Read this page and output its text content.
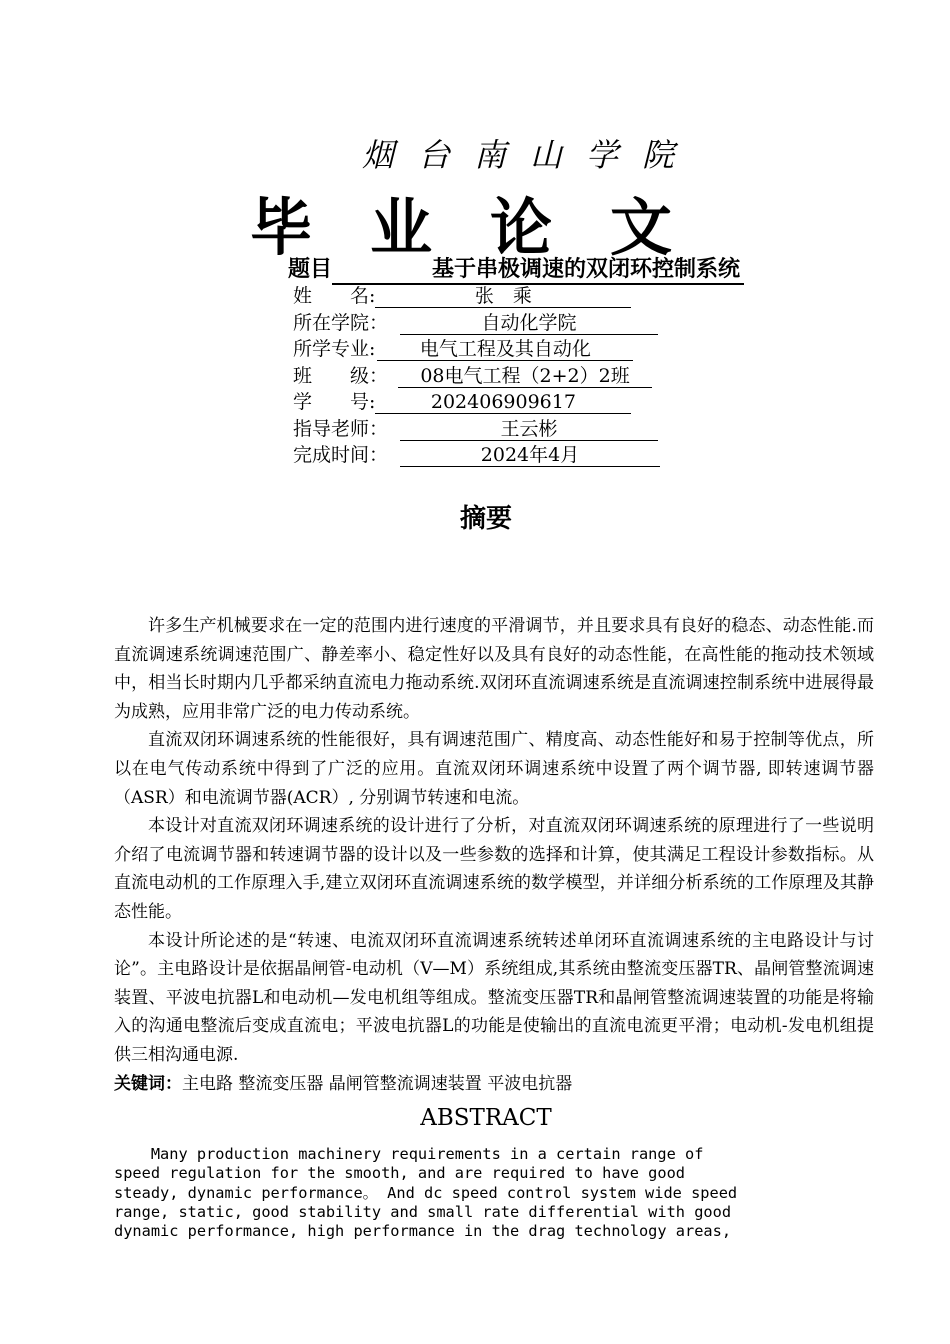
烟台南山学院
毕业论文
题目	基于串极调速的双闭环控制系统
姓　　名:	张　乘
所在学院：	自动化学院
所学专业: 电气工程及其自动化
班　　级： 08电气工程（2+2）2班
学　　号:	202406909617
指导老师：	王云彬
完成时间：	2024年4月
摘要

许多生产机械要求在一定的范围内进行速度的平滑调节，并且要求具有良好的稳态、动态性能.而直流调速系统调速范围广、静差率小、稳定性好以及具有良好的动态性能，在高性能的拖动技术领域中，相当长时期内几乎都采纳直流电力拖动系统.双闭环直流调速系统是直流调速控制系统中进展得最为成熟，应用非常广泛的电力传动系统。

直流双闭环调速系统的性能很好，具有调速范围广、精度高、动态性能好和易于控制等优点，所以在电气传动系统中得到了广泛的应用。直流双闭环调速系统中设置了两个调节器, 即转速调节器（ASR）和电流调节器(ACR）, 分别调节转速和电流。

本设计对直流双闭环调速系统的设计进行了分析，对直流双闭环调速系统的原理进行了一些说明介绍了电流调节器和转速调节器的设计以及一些参数的选择和计算，使其满足工程设计参数指标。从直流电动机的工作原理入手,建立双闭环直流调速系统的数学模型，并详细分析系统的工作原理及其静态性能。

本设计所论述的是“转速、电流双闭环直流调速系统转述单闭环直流调速系统的主电路设计与讨论”。主电路设计是依据晶闸管-电动机（V—M）系统组成,其系统由整流变压器TR、晶闸管整流调速装置、平波电抗器L和电动机—发电机组等组成。整流变压器TR和晶闸管整流调速装置的功能是将输入的沟通电整流后变成直流电；平波电抗器L的功能是使输出的直流电流更平滑；电动机-发电机组提供三相沟通电源.

关键词：主电路 整流变压器 晶闸管整流调速装置 平波电抗器
ABSTRACT
Many production machinery requirements in a certain range of
speed regulation for the smooth, and are required to have good
steady, dynamic performance。 And dc speed control system wide speed
range, static, good stability and small rate differential with good
dynamic performance, high performance in the drag technology areas,
